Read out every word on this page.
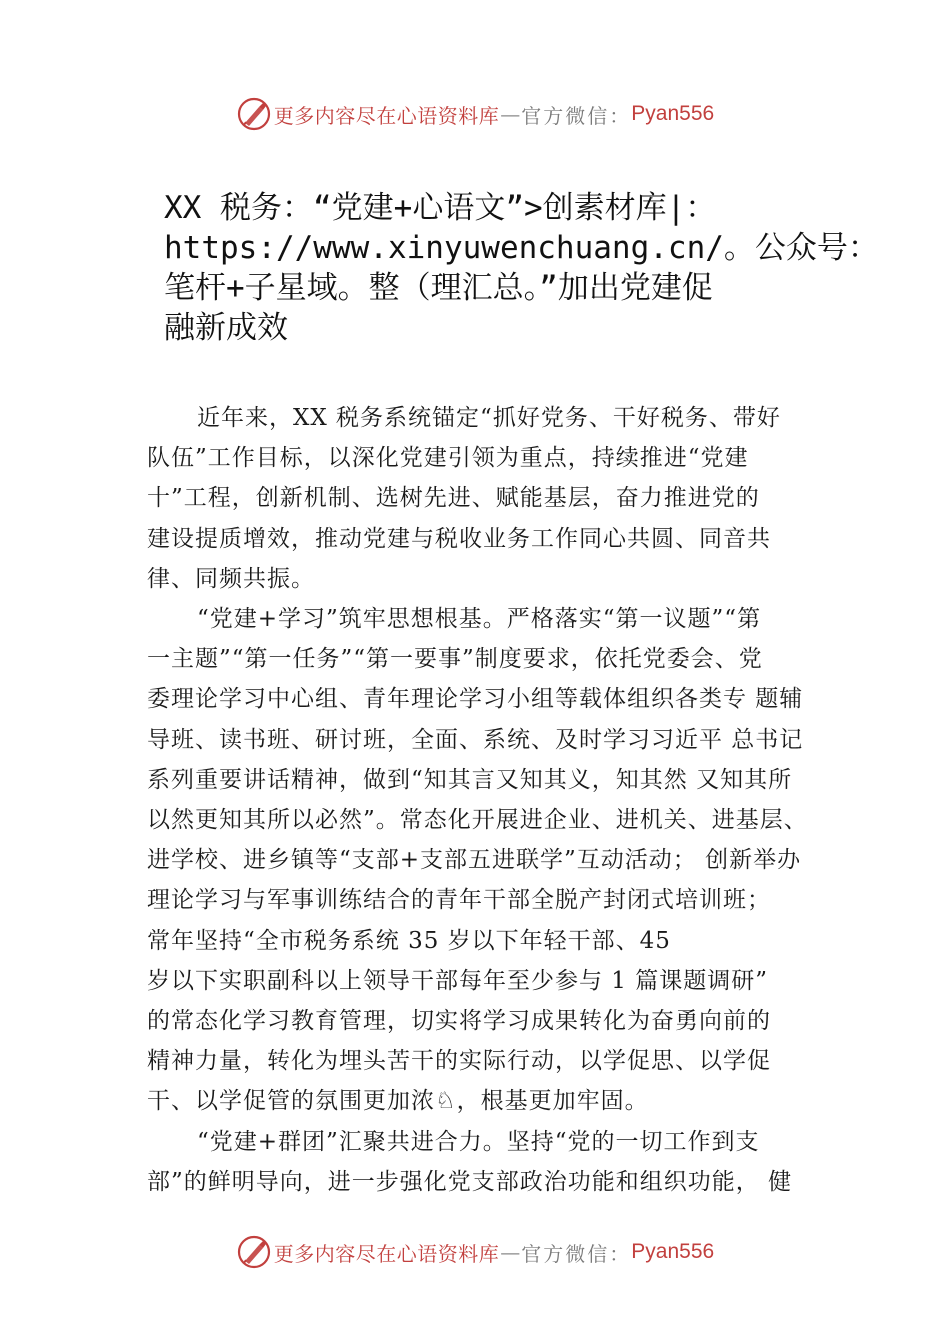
更多内容尽在心语资料库 — 官方微信： Pyan556
XX 税务：“党建+心语文”>创素材库|：
https://www.xinyuwenchuang.cn/。公众号：
笔杆+子星域。整（理汇总。”加出党建促
融新成效
近年来，XX 税务系统锚定“抓好党务、干好税务、带好
队伍”工作目标，以深化党建引领为重点，持续推进“党建
十”工程，创新机制、选树先进、赋能基层，奋力推进党的
建设提质增效，推动党建与税收业务工作同心共圆、同音共
律、同频共振。
“党建+学习”筑牢思想根基。严格落实“第一议题”“第
一主题”“第一任务”“第一要事”制度要求，依托党委会、党
委理论学习中心组、青年理论学习小组等载体组织各类专 题辅
导班、读书班、研讨班，全面、系统、及时学习习近平 总书记
系列重要讲话精神，做到“知其言又知其义，知其然 又知其所
以然更知其所以必然”。常态化开展进企业、进机关、进基层、
进学校、进乡镇等“支部+支部五进联学”互动活动； 创新举办
理论学习与军事训练结合的青年干部全脱产封闭式培训班；
常年坚持“全市税务系统 35 岁以下年轻干部、45
岁以下实职副科以上领导干部每年至少参与 1 篇课题调研”
的常态化学习教育管理，切实将学习成果转化为奋勇向前的
精神力量，转化为埋头苦干的实际行动，以学促思、以学促
干、以学促管的氛围更加浓♘，根基更加牢固。
“党建+群团”汇聚共进合力。坚持“党的一切工作到支
部”的鲜明导向，进一步强化党支部政治功能和组织功能， 健
更多内容尽在心语资料库 — 官方微信： Pyan556
